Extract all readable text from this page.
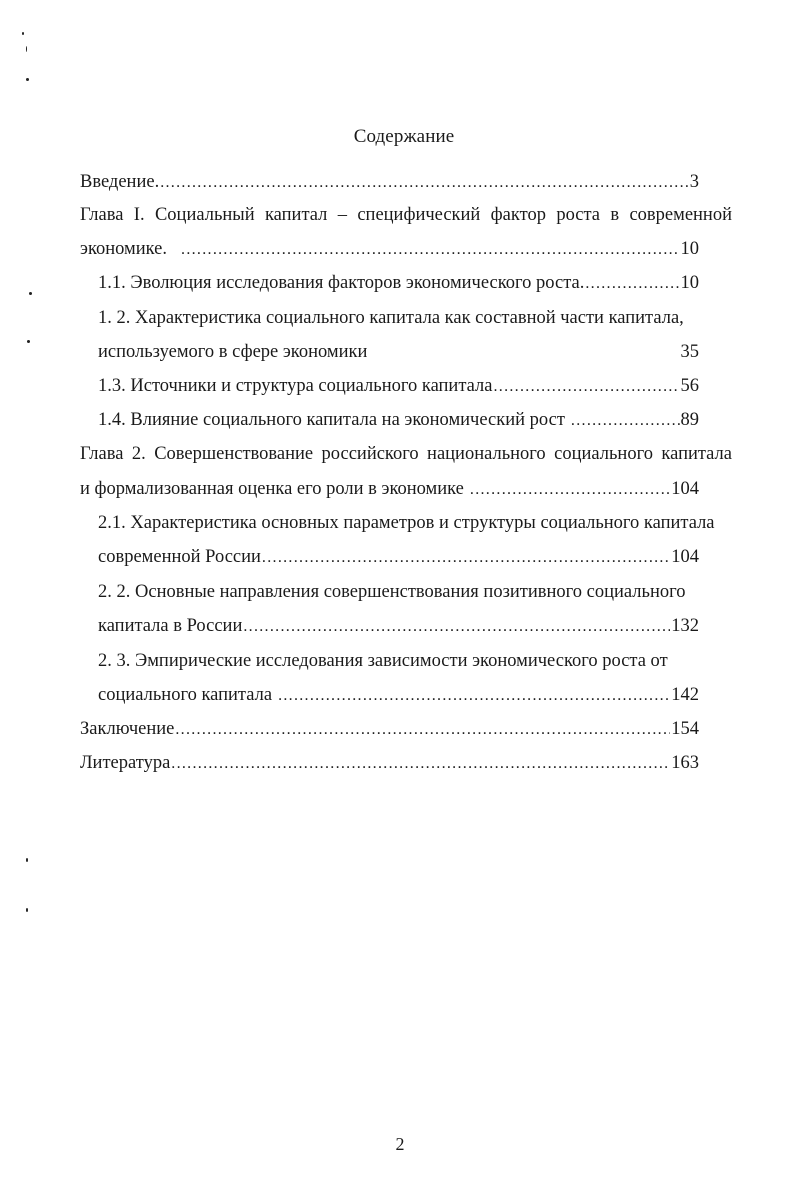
Содержание
Введение. .....	3
Глава I. Социальный капитал – специфический фактор роста в современной
экономике. .....	10
1.1. Эволюция исследования факторов экономического роста. .....	10
1. 2. Характеристика социального капитала как составной части капитала,
используемого в сфере экономики	35
1.3. Источники и структура социального капитала .....	56
1.4. Влияние социального капитала на экономический рост .....	89
Глава 2. Совершенствование российского национального социального капитала
и формализованная оценка его роли в экономике .....	104
2.1. Характеристика основных параметров и структуры социального капитала
современной России .....	104
2. 2. Основные направления совершенствования позитивного социального
капитала в России .....	132
2. 3. Эмпирические исследования зависимости экономического роста от
социального капитала .....	142
Заключение .....	154
Литература .....	163
2
